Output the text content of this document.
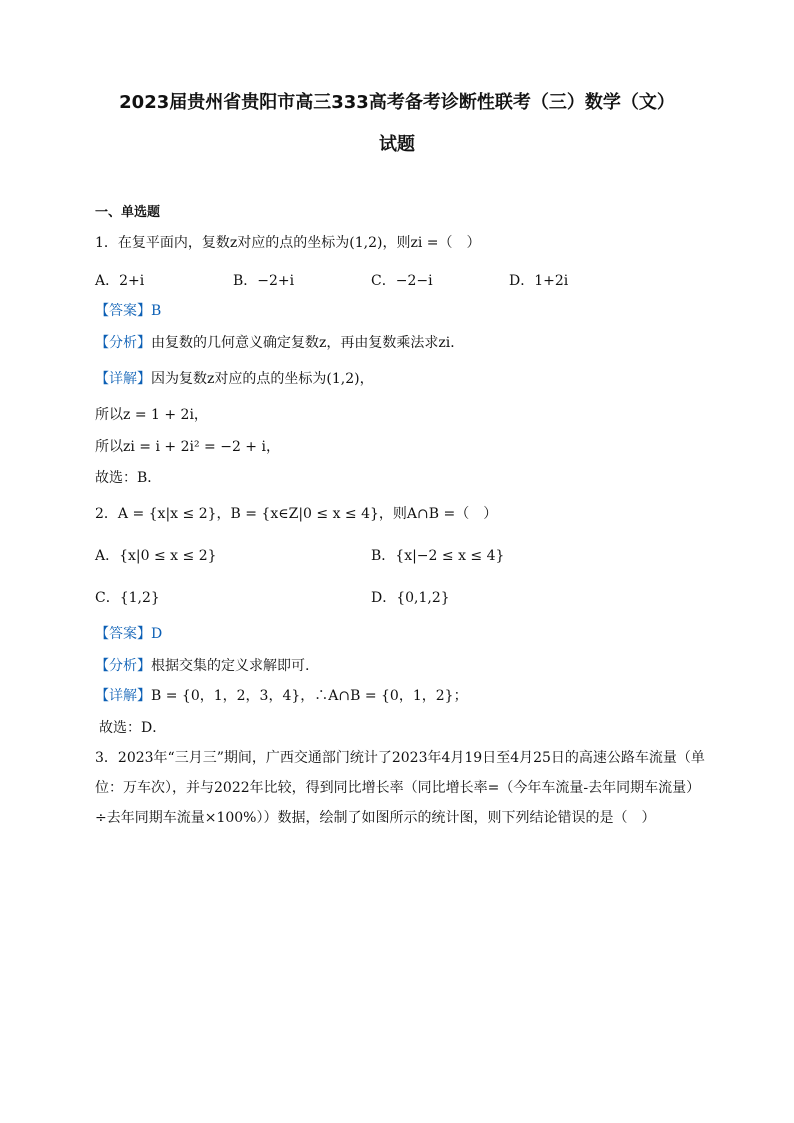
2023届贵州省贵阳市高三333高考备考诊断性联考（三）数学（文）
试题
一、单选题
1．在复平面内，复数z对应的点的坐标为(1,2)，则zi =（　）
A．2+i	B．−2+i	C．−2−i	D．1+2i
【答案】B
【分析】由复数的几何意义确定复数z，再由复数乘法求zi．
【详解】因为复数z对应的点的坐标为(1,2)，
所以z = 1 + 2i，
所以zi = i + 2i² = −2 + i，
故选：B．
2．A = {x|x ≤ 2}，B = {x∈Z|0 ≤ x ≤ 4}，则A∩B =（　）
A．{x|0 ≤ x ≤ 2}	B．{x|−2 ≤ x ≤ 4}
C．{1,2}	D．{0,1,2}
【答案】D
【分析】根据交集的定义求解即可.
【详解】B = {0，1，2，3，4}，∴A∩B = {0，1，2}；
故选：D．
3．2023年“三月三”期间，广西交通部门统计了2023年4月19日至4月25日的高速公路车流量（单位：万车次），并与2022年比较，得到同比增长率（同比增长率=（今年车流量-去年同期车流量）÷去年同期车流量×100%））数据，绘制了如图所示的统计图，则下列结论错误的是（　）
